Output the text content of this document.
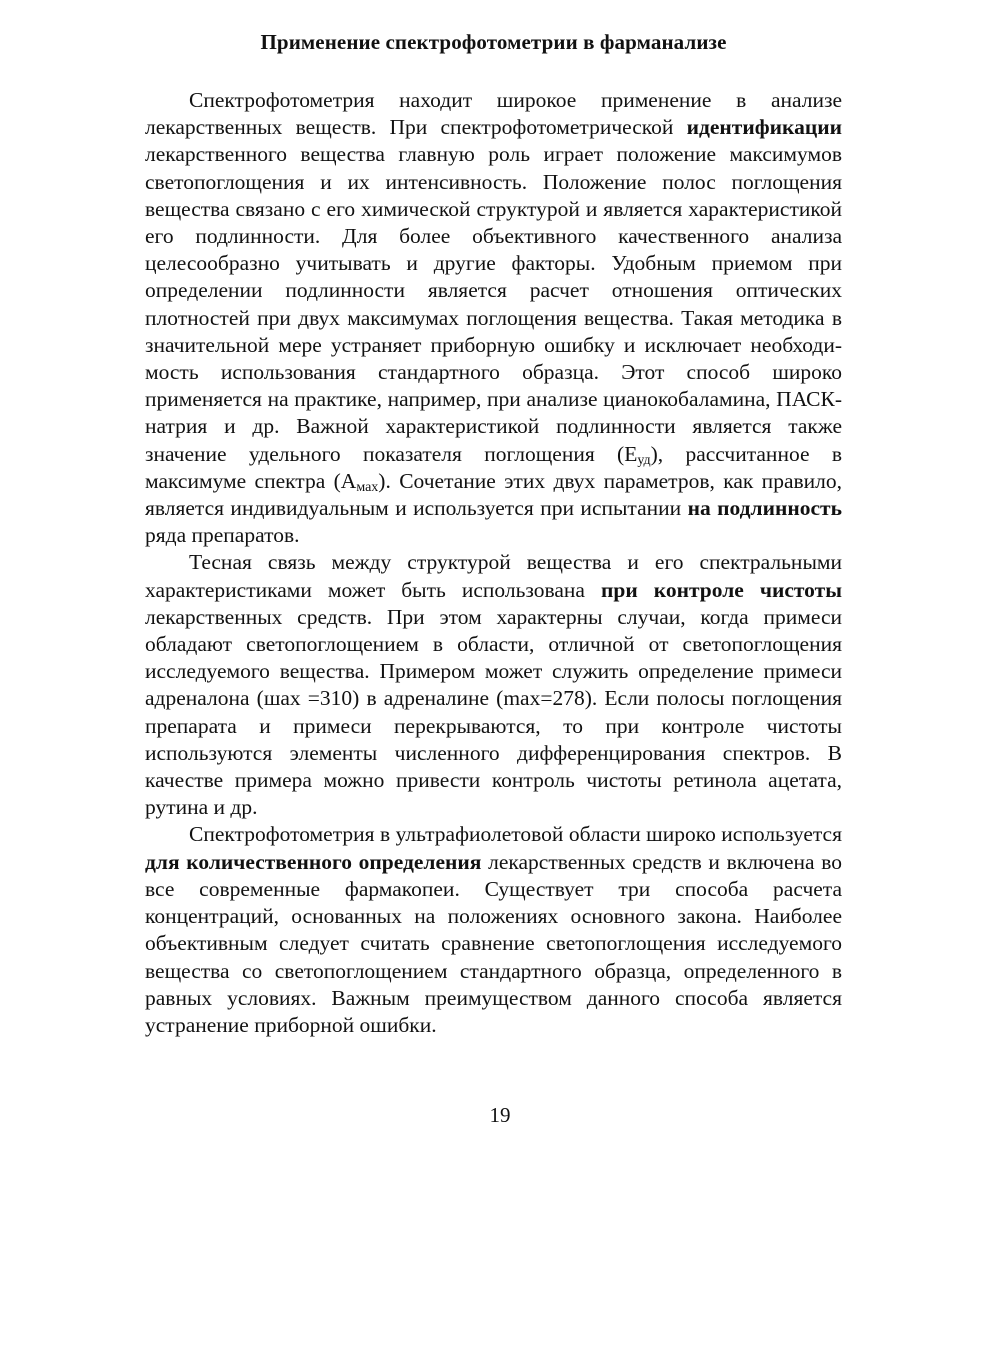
Применение спектрофотометрии в фарманализе

Спектрофотометрия находит широкое применение в анализе лекарственных веществ. При спектрофотометрической идентификации лекарственного вещества главную роль играет положение максимумов светопоглощения и их интенсивность. Положение полос поглощения вещества связано с его химической структурой и является характеристикой его подлинности. Для более объективного качественного анализа целесообразно учитывать и другие факторы. Удобным приемом при определении подлинности является расчет отношения оптических плотностей при двух максимумах поглощения вещества. Такая методика в значительной мере устраняет приборную ошибку и исключает необходимость использования стандартного образца. Этот способ широко применяется на практике, например, при анализе цианокобаламина, ПАСК-натрия и др. Важной характеристикой подлинности является также значение удельного показателя поглощения $(E_{уд})$, рассчитанное в максимуме спектра $(A_{мах})$. Сочетание этих двух параметров, как правило, является индивидуальным и используется при испытании на подлинность ряда препаратов.

Тесная связь между структурой вещества и его спектральными характеристиками может быть использована при контроле чистоты лекарственных средств. При этом характерны случаи, когда примеси обладают светопоглощением в области, отличной от светопоглощения исследуемого вещества. Примером может служить определение примеси адреналона (шах =310) в адреналине (max=278). Если полосы поглощения препарата и примеси перекрываются, то при контроле чистоты используются элементы численного дифференцирования спектров. В качестве примера можно привести контроль чистоты ретинола ацетата, рутина и др.

Спектрофотометрия в ультрафиолетовой области широко используется для количественного определения лекарственных средств и включена во все современные фармакопеи. Существует три способа расчета концентраций, основанных на положениях основного закона. Наиболее объективным следует считать сравнение светопоглощения исследуемого вещества со светопоглощением стандартного образца, определенного в равных условиях. Важным преимуществом данного способа является устранение приборной ошибки.

19
